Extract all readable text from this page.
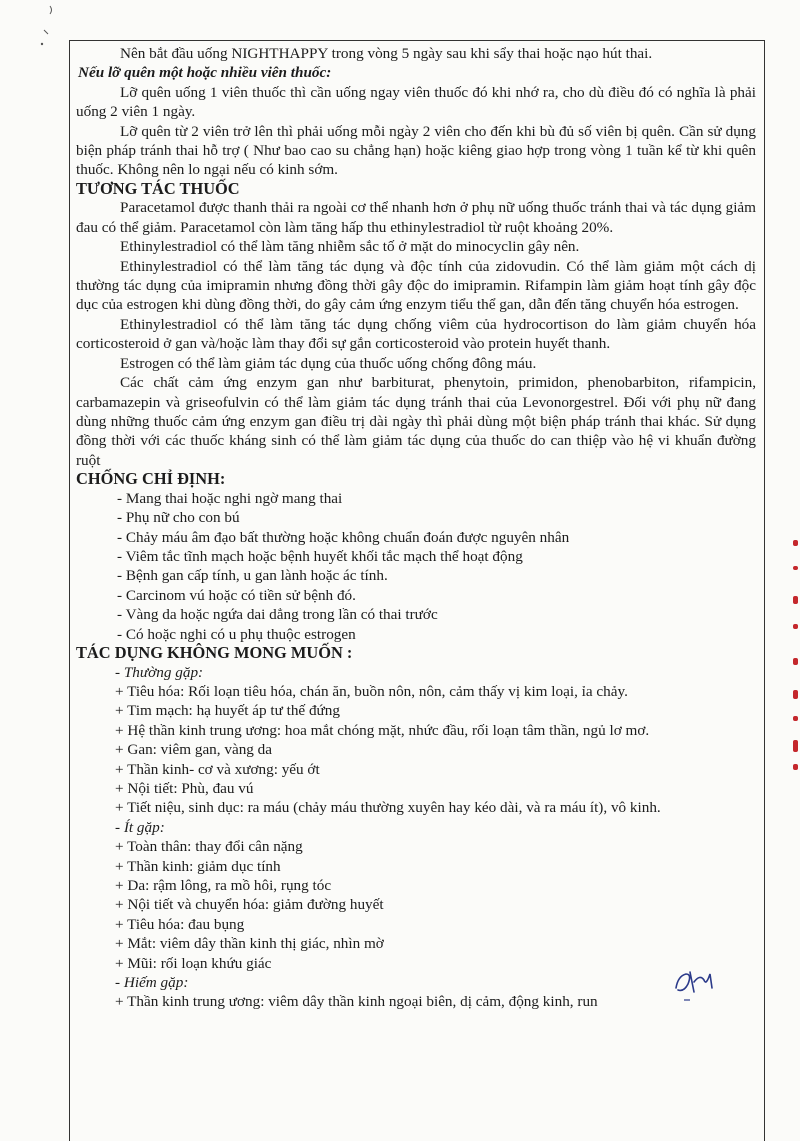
Nên bắt đầu uống NIGHTHAPPY trong vòng 5 ngày sau khi sẩy thai hoặc nạo hút thai.

Nếu lỡ quên một hoặc nhiều viên thuốc:

Lỡ quên uống 1 viên thuốc thì cần uống ngay viên thuốc đó khi nhớ ra, cho dù điều đó có nghĩa là phải uống 2 viên 1 ngày.

Lỡ quên từ 2 viên trở lên thì phải uống mỗi ngày 2 viên cho đến khi bù đủ số viên bị quên. Cần sử dụng biện pháp tránh thai hỗ trợ ( Như bao cao su chẳng hạn) hoặc kiêng giao hợp trong vòng 1 tuần kể từ khi quên thuốc. Không nên lo ngại nếu có kinh sớm.

TƯƠNG TÁC THUỐC

Paracetamol được thanh thải ra ngoài cơ thể nhanh hơn ở phụ nữ uống thuốc tránh thai và tác dụng giảm đau có thể giảm. Paracetamol còn làm tăng hấp thu ethinylestradiol từ ruột khoảng 20%.

Ethinylestradiol có thể làm tăng nhiễm sắc tố ở mặt do minocyclin gây nên.

Ethinylestradiol có thể làm tăng tác dụng và độc tính của zidovudin. Có thể làm giảm một cách dị thường tác dụng của imipramin nhưng đồng thời gây độc do imipramin. Rifampin làm giảm hoạt tính gây độc dục của estrogen khi dùng đồng thời, do gây cảm ứng enzym tiểu thể gan, dẫn đến tăng chuyển hóa estrogen.

Ethinylestradiol có thể làm tăng tác dụng chống viêm của hydrocortison do làm giảm chuyển hóa corticosteroid ở gan và/hoặc làm thay đổi sự gắn corticosteroid vào protein huyết thanh.

Estrogen có thể làm giảm tác dụng của thuốc uống chống đông máu.

Các chất cảm ứng enzym gan như barbiturat, phenytoin, primidon, phenobarbiton, rifampicin, carbamazepin và griseofulvin có thể làm giảm tác dụng tránh thai của Levonorgestrel. Đối với phụ nữ đang dùng những thuốc cảm ứng enzym gan điều trị dài ngày thì phải dùng một biện pháp tránh thai khác. Sử dụng đồng thời với các thuốc kháng sinh có thể làm giảm tác dụng của thuốc do can thiệp vào hệ vi khuẩn đường ruột

CHỐNG CHỈ ĐỊNH:

- Mang thai hoặc nghi ngờ mang thai

- Phụ nữ cho con bú

- Chảy máu âm đạo bất thường hoặc không chuẩn đoán được nguyên nhân

- Viêm tắc tĩnh mạch hoặc bệnh huyết khối tắc mạch thể hoạt động

- Bệnh gan cấp tính, u gan lành hoặc ác tính.

- Carcinom vú hoặc có tiền sử bệnh đó.

- Vàng da hoặc ngứa dai dẳng trong lần có thai trước

- Có hoặc nghi có u phụ thuộc estrogen

TÁC DỤNG KHÔNG MONG MUỐN :

- Thường gặp:

+ Tiêu hóa: Rối loạn tiêu hóa, chán ăn, buồn nôn, nôn, cảm thấy vị kim loại, ỉa chảy.

+ Tim mạch: hạ huyết áp tư thế đứng

+ Hệ thần kinh trung ương: hoa mắt chóng mặt, nhức đầu, rối loạn tâm thần, ngủ lơ mơ.

+ Gan: viêm gan, vàng da

+ Thần kinh- cơ và xương: yếu ớt

+ Nội tiết: Phù, đau vú

+ Tiết niệu, sinh dục: ra máu (chảy máu thường xuyên hay kéo dài, và ra máu ít), vô kinh.

- Ít gặp:

+ Toàn thân: thay đổi cân nặng

+ Thần kinh: giảm dục tính

+ Da: rậm lông, ra mồ hôi, rụng tóc

+ Nội tiết và chuyển hóa: giảm đường huyết

+ Tiêu hóa: đau bụng

+ Mắt: viêm dây thần kinh thị giác, nhìn mờ

+ Mũi: rối loạn khứu giác

- Hiếm gặp:

+ Thần kinh trung ương: viêm dây thần kinh ngoại biên, dị cảm, động kinh, run
